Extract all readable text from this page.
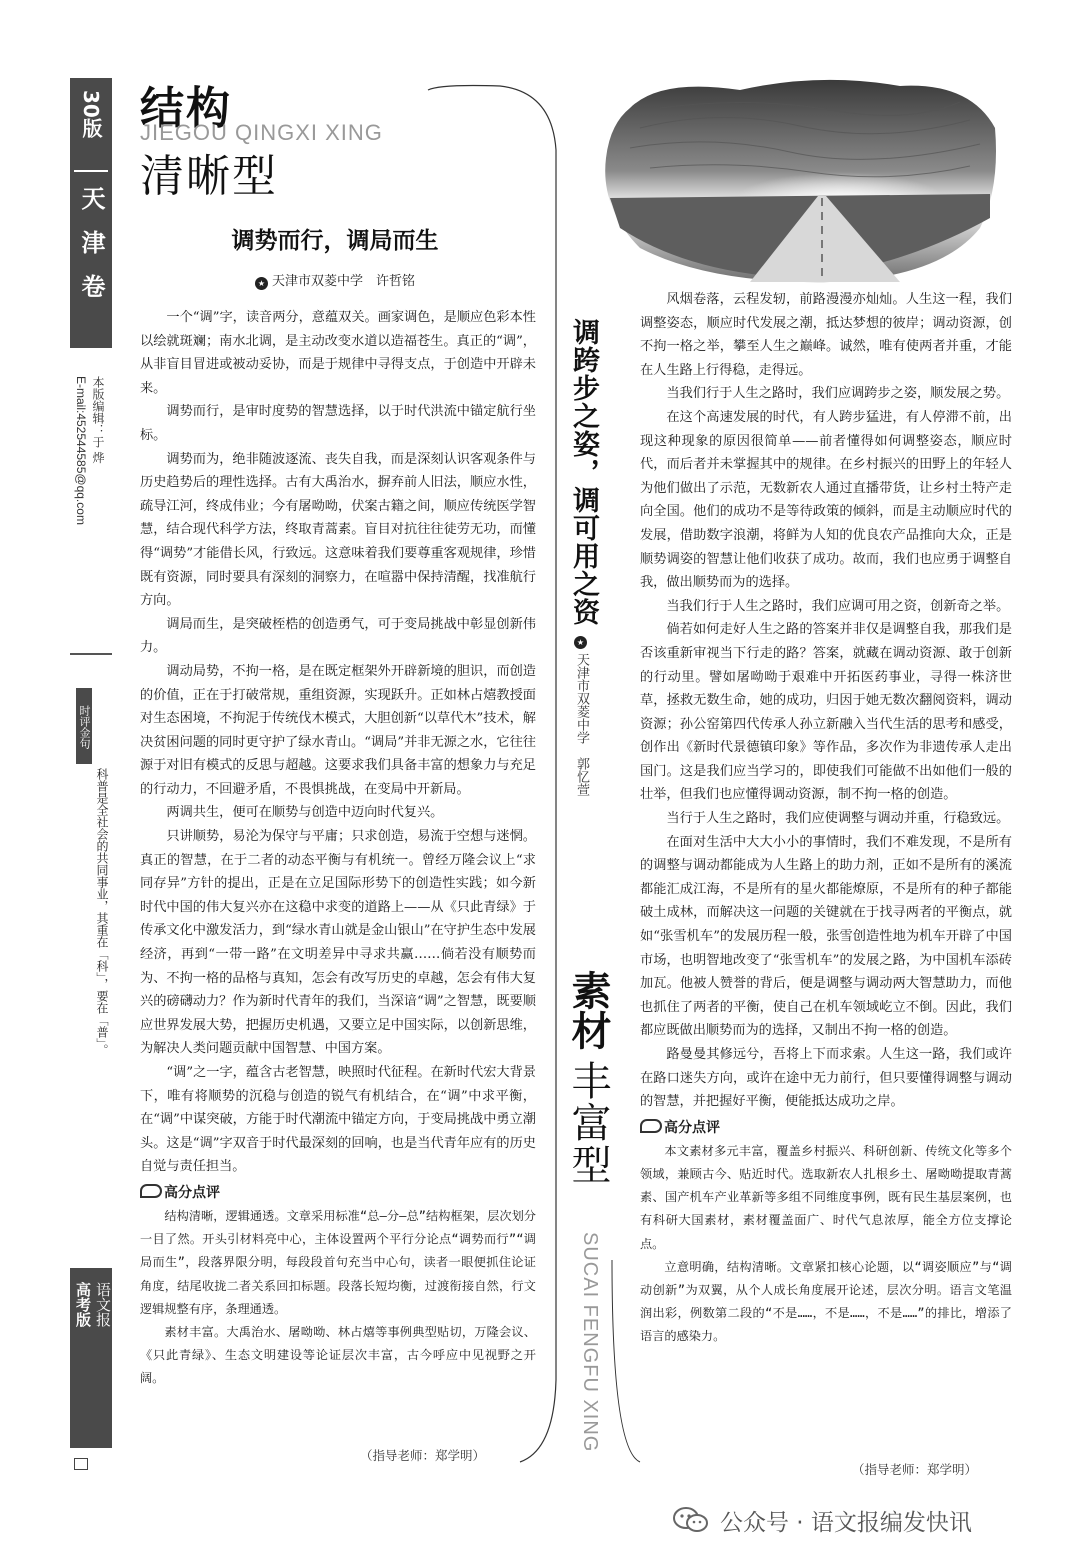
30版
天津卷
本版编辑：于 烨
E-mail:452544585@qq.com
时评金句
科普是全社会的共同事业，其重在「科」，要在「普」。
语文报
高考版
结构
JIEGOU QINGXI XING
清晰型
调势而行，调局而生
★ 天津市双菱中学　许哲铭

一个“调”字，读音两分，意蕴双关。画家调色，是顺应色彩本性以绘就斑斓；南水北调，是主动改变水道以造福苍生。真正的“调”，从非盲目冒进或被动妥协，而是于规律中寻得支点，于创造中开辟未来。

调势而行，是审时度势的智慧选择，以于时代洪流中锚定航行坐标。

调势而为，绝非随波逐流、丧失自我，而是深刻认识客观条件与历史趋势后的理性选择。古有大禹治水，摒弃前人旧法，顺应水性，疏导江河，终成伟业；今有屠呦呦，伏案古籍之间，顺应传统医学智慧，结合现代科学方法，终取青蒿素。盲目对抗往往徒劳无功，而懂得“调势”才能借长风，行致远。这意味着我们要尊重客观规律，珍惜既有资源，同时要具有深刻的洞察力，在喧嚣中保持清醒，找准航行方向。

调局而生，是突破桎梏的创造勇气，可于变局挑战中彰显创新伟力。

调动局势，不拘一格，是在既定框架外开辟新境的胆识，而创造的价值，正在于打破常规，重组资源，实现跃升。正如林占熺教授面对生态困境，不拘泥于传统伐木模式，大胆创新“以草代木”技术，解决贫困问题的同时更守护了绿水青山。“调局”并非无源之水，它往往源于对旧有模式的反思与超越。这要求我们具备丰富的想象力与充足的行动力，不回避矛盾，不畏惧挑战，在变局中开新局。

两调共生，便可在顺势与创造中迈向时代复兴。

只讲顺势，易沦为保守与平庸；只求创造，易流于空想与迷惘。真正的智慧，在于二者的动态平衡与有机统一。曾经万隆会议上“求同存异”方针的提出，正是在立足国际形势下的创造性实践；如今新时代中国的伟大复兴亦在这稳中求变的道路上——从《只此青绿》于传承文化中激发活力，到“绿水青山就是金山银山”在守护生态中发展经济，再到“一带一路”在文明差异中寻求共赢……倘若没有顺势而为、不拘一格的品格与真知，怎会有改写历史的卓越，怎会有伟大复兴的磅礴动力？作为新时代青年的我们，当深谙“调”之智慧，既要顺应世界发展大势，把握历史机遇，又要立足中国实际，以创新思维，为解决人类问题贡献中国智慧、中国方案。

“调”之一字，蕴含古老智慧，映照时代征程。在新时代宏大背景下，唯有将顺势的沉稳与创造的锐气有机结合，在“调”中求平衡，在“调”中谋突破，方能于时代潮流中锚定方向，于变局挑战中勇立潮头。这是“调”字双音于时代最深刻的回响，也是当代青年应有的历史自觉与责任担当。

高分点评

结构清晰，逻辑通透。文章采用标准“总—分—总”结构框架，层次划分一目了然。开头引材料亮中心，主体设置两个平行分论点“调势而行”“调局而生”，段落界限分明，每段段首句充当中心句，读者一眼便抓住论证角度，结尾收拢二者关系回扣标题。段落长短均衡，过渡衔接自然，行文逻辑规整有序，条理通透。

素材丰富。大禹治水、屠呦呦、林占熺等事例典型贴切，万隆会议、《只此青绿》、生态文明建设等论证层次丰富，古今呼应中见视野之开阔。

（指导老师：郑学明）
调跨步之姿，调可用之资
★天津市双菱中学　郭忆萱
素材
丰富型
SUCAI FENGFU XING

风烟卷落，云程发轫，前路漫漫亦灿灿。人生这一程，我们调整姿态，顺应时代发展之潮，抵达梦想的彼岸；调动资源，创不拘一格之举，攀至人生之巅峰。诚然，唯有使两者并重，才能在人生路上行得稳，走得远。

当我们行于人生之路时，我们应调跨步之姿，顺发展之势。

在这个高速发展的时代，有人跨步猛进，有人停滞不前，出现这种现象的原因很简单——前者懂得如何调整姿态，顺应时代，而后者并未掌握其中的规律。在乡村振兴的田野上的年轻人为他们做出了示范，无数新农人通过直播带货，让乡村土特产走向全国。他们的成功不是等待政策的倾斜，而是主动顺应时代的发展，借助数字浪潮，将鲜为人知的优良农产品推向大众，正是顺势调姿的智慧让他们收获了成功。故而，我们也应勇于调整自我，做出顺势而为的选择。

当我们行于人生之路时，我们应调可用之资，创新奇之举。

倘若如何走好人生之路的答案并非仅是调整自我，那我们是否该重新审视当下行走的路？答案，就藏在调动资源、敢于创新的行动里。譬如屠呦呦于艰难中开拓医药事业，寻得一株济世草，拯救无数生命，她的成功，归因于她无数次翻阅资料，调动资源；孙公窑第四代传承人孙立新融入当代生活的思考和感受，创作出《新时代景德镇印象》等作品，多次作为非遗传承人走出国门。这是我们应当学习的，即使我们可能做不出如他们一般的壮举，但我们也应懂得调动资源，制不拘一格的创造。

当行于人生之路时，我们应使调整与调动并重，行稳致远。

在面对生活中大大小小的事情时，我们不难发现，不是所有的调整与调动都能成为人生路上的助力剂，正如不是所有的溪流都能汇成江海，不是所有的星火都能燎原，不是所有的种子都能破土成林，而解决这一问题的关键就在于找寻两者的平衡点，就如“张雪机车”的发展历程一般，张雪创造性地为机车开辟了中国市场，也明智地改变了“张雪机车”的发展之路，为中国机车添砖加瓦。他被人赞誉的背后，便是调整与调动两大智慧助力，而他也抓住了两者的平衡，使自己在机车领域屹立不倒。因此，我们都应既做出顺势而为的选择，又制出不拘一格的创造。

路曼曼其修远兮，吾将上下而求索。人生这一路，我们或许在路口迷失方向，或许在途中无力前行，但只要懂得调整与调动的智慧，并把握好平衡，便能抵达成功之岸。

高分点评

本文素材多元丰富，覆盖乡村振兴、科研创新、传统文化等多个领域，兼顾古今、贴近时代。选取新农人扎根乡土、屠呦呦提取青蒿素、国产机车产业革新等多组不同维度事例，既有民生基层案例，也有科研大国素材，素材覆盖面广、时代气息浓厚，能全方位支撑论点。

立意明确，结构清晰。文章紧扣核心论题，以“调姿顺应”与“调动创新”为双翼，从个人成长角度展开论述，层次分明。语言文笔温润出彩，例数第二段的“不是……，不是……，不是……”的排比，增添了语言的感染力。

（指导老师：郑学明）
公众号 · 语文报编发快讯
